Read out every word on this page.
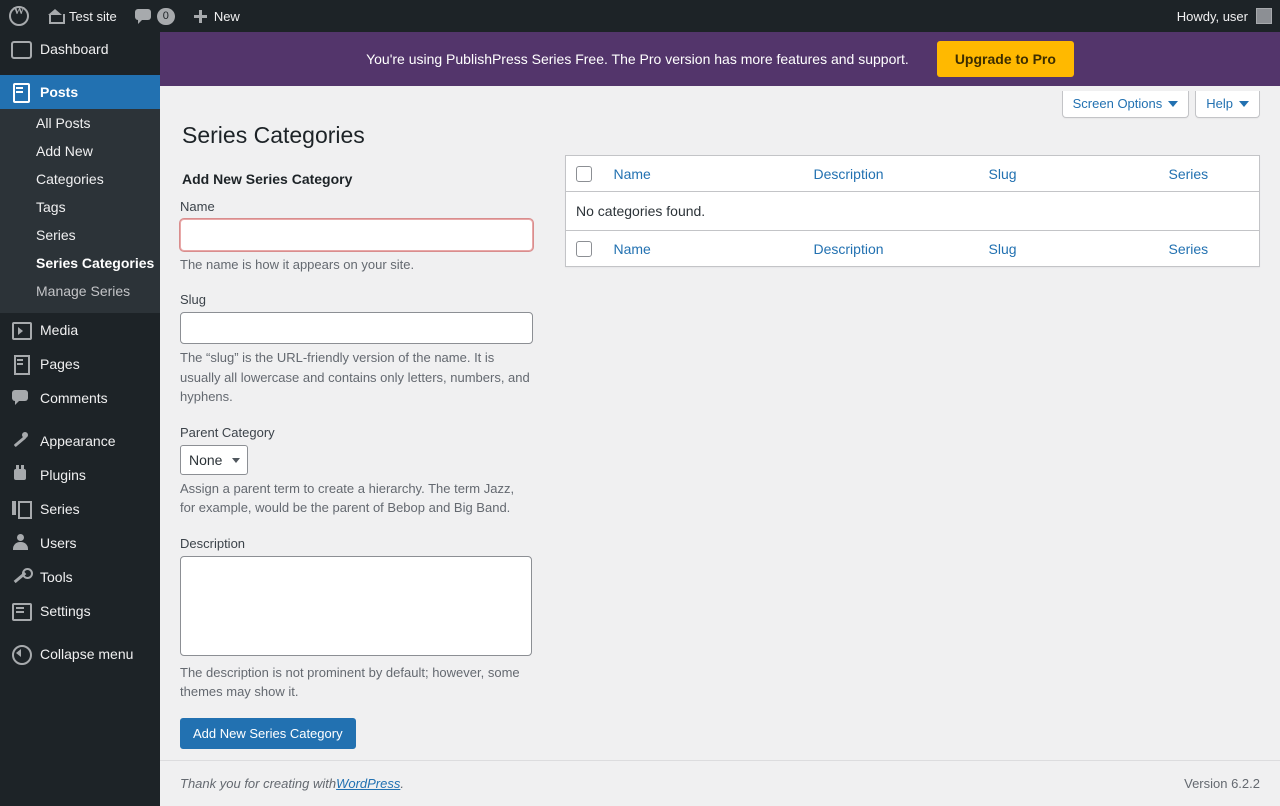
W
Test site	0	New	Howdy, user
Dashboard
Posts
All Posts
Add New
Categories
Tags
Series
Series Categories
Manage Series
Media
Pages
Comments
Appearance
Plugins
Series
Users
Tools
Settings
Collapse menu
You're using PublishPress Series Free. The Pro version has more features and support.	Upgrade to Pro
Screen Options	Help
Series Categories
Add New Series Category
Name

The name is how it appears on your site.

Slug

The “slug” is the URL-friendly version of the name. It is usually all lowercase and contains only letters, numbers, and hyphens.

Parent Category
None

Assign a parent term to create a hierarchy. The term Jazz, for example, would be the parent of Bebop and Big Band.

Description

The description is not prominent by default; however, some themes may show it.

Add New Series Category
	Name	Description	Slug	Series
No categories found.				
	Name	Description	Slug	Series
Thank you for creating with WordPress .	Version 6.2.2
